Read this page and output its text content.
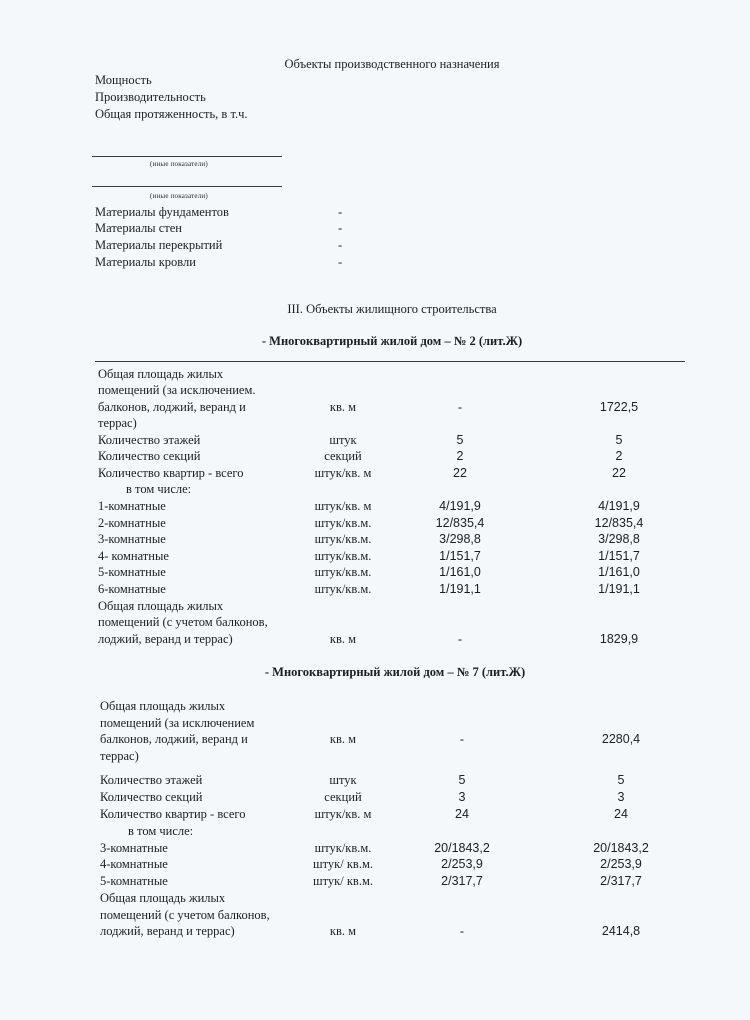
Объекты производственного назначения
Мощность
Производительность
Общая протяженность, в т.ч.
(иные показатели)
(иные показатели)
Материалы фундаментов	-
Материалы стен	-
Материалы перекрытий	-
Материалы кровли	-
III. Объекты жилищного строительства
- Многоквартирный жилой дом – № 2 (лит.Ж)
Общая площадь жилых
помещений (за исключением.
балконов, лоджий, веранд и
террас)
кв. м	-	1722,5
Количество этажей	штук	5	5
Количество секций	секций	2	2
Количество квартир - всего	штук/кв. м	22	22
в том числе:
1-комнатные	штук/кв. м	4/191,9	4/191,9
2-комнатные	штук/кв.м.	12/835,4	12/835,4
3-комнатные	штук/кв.м.	3/298,8	3/298,8
4- комнатные	штук/кв.м.	1/151,7	1/151,7
5-комнатные	штук/кв.м.	1/161,0	1/161,0
6-комнатные	штук/кв.м.	1/191,1	1/191,1
Общая площадь жилых
помещений (с учетом балконов,
лоджий, веранд и террас)	кв. м	-	1829,9
- Многоквартирный жилой дом – № 7 (лит.Ж)
Общая площадь жилых
помещений (за исключением
балконов, лоджий, веранд и
террас)
кв. м	-	2280,4
Количество этажей	штук	5	5
Количество секций	секций	3	3
Количество квартир - всего	штук/кв. м	24	24
в том числе:
3-комнатные	штук/кв.м.	20/1843,2	20/1843,2
4-комнатные	штук/ кв.м.	2/253,9	2/253,9
5-комнатные	штук/ кв.м.	2/317,7	2/317,7
Общая площадь жилых
помещений (с учетом балконов,
лоджий, веранд и террас)	кв. м	-	2414,8
